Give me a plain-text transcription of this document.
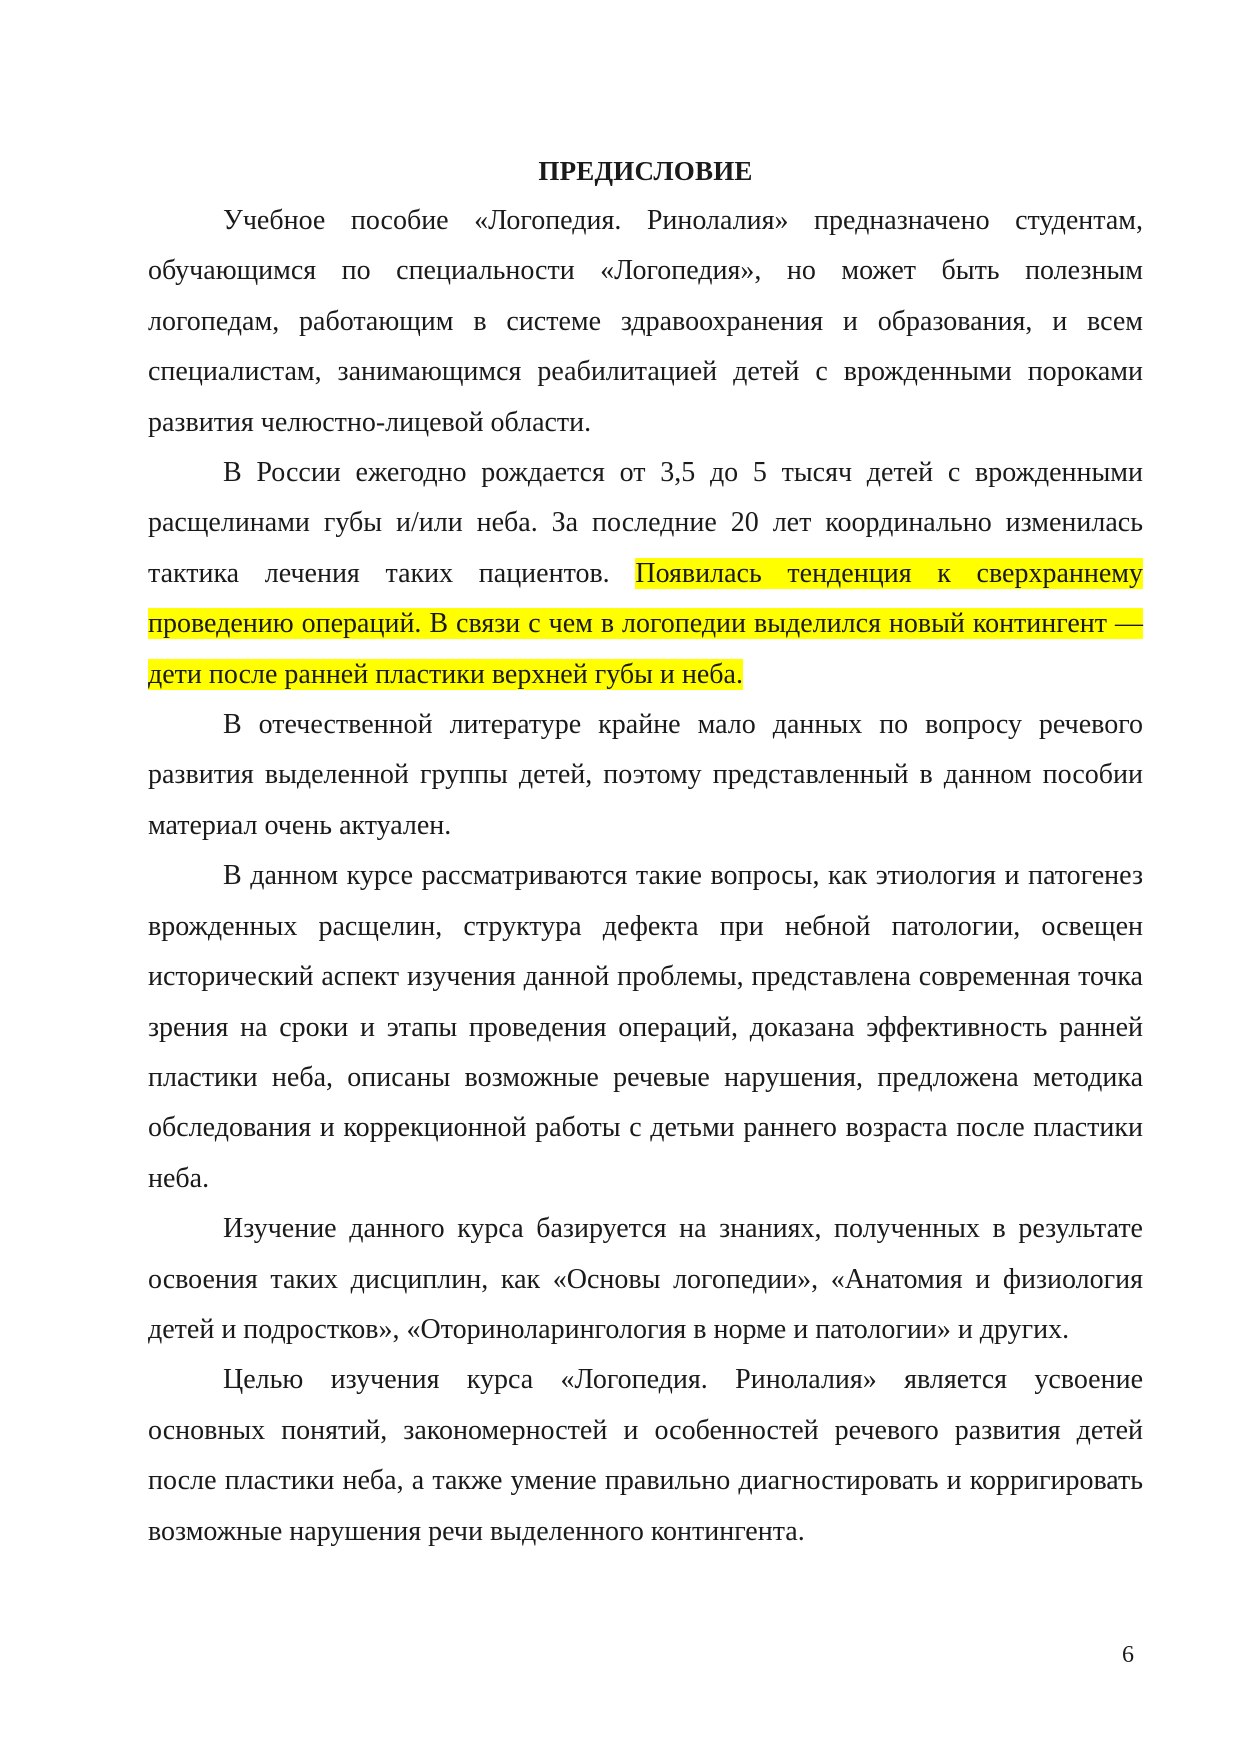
ПРЕДИСЛОВИЕ

Учебное пособие «Логопедия. Ринолалия» предназначено студентам, обучающимся по специальности «Логопедия», но может быть полезным логопедам, работающим в системе здравоохранения и образования, и всем специалистам, занимающимся реабилитацией детей с врожденными пороками развития челюстно-лицевой области.

В России ежегодно рождается от 3,5 до 5 тысяч детей с врожденными расщелинами губы и/или неба. За последние 20 лет координально изменилась тактика лечения таких пациентов. Появилась тенденция к сверхраннему проведению операций. В связи с чем в логопедии выделился новый контингент — дети после ранней пластики верхней губы и неба.

В отечественной литературе крайне мало данных по вопросу речевого развития выделенной группы детей, поэтому представленный в данном пособии материал очень актуален.

В данном курсе рассматриваются такие вопросы, как этиология и патогенез врожденных расщелин, структура дефекта при небной патологии, освещен исторический аспект изучения данной проблемы, представлена современная точка зрения на сроки и этапы проведения операций, доказана эффективность ранней пластики неба, описаны возможные речевые нарушения, предложена методика обследования и коррекционной работы с детьми раннего возраста после пластики неба.

Изучение данного курса базируется на знаниях, полученных в результате освоения таких дисциплин, как «Основы логопедии», «Анатомия и физиология детей и подростков», «Оториноларингология в норме и патологии» и других.

Целью изучения курса «Логопедия. Ринолалия» является усвоение основных понятий, закономерностей и особенностей речевого развития детей после пластики неба, а также умение правильно диагностировать и корригировать возможные нарушения речи выделенного контингента.

6
